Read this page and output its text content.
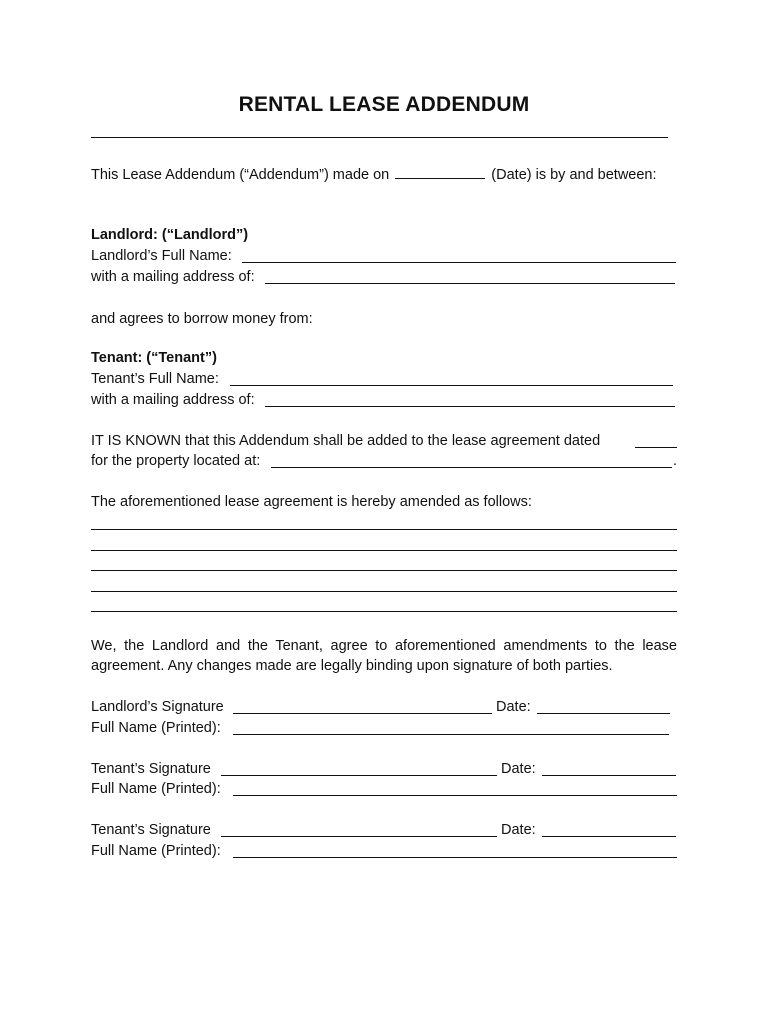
RENTAL LEASE ADDENDUM
This Lease Addendum (“Addendum”) made on	(Date) is by and between:
Landlord: (“Landlord”)
Landlord’s Full Name:
with a mailing address of:
and agrees to borrow money from:
Tenant: (“Tenant”)
Tenant’s Full Name:
with a mailing address of:
IT IS KNOWN that this Addendum shall be added to the lease agreement dated
for the property located at:	.
The aforementioned lease agreement is hereby amended as follows:
We, the Landlord and the Tenant, agree to aforementioned amendments to the lease agreement. Any changes made are legally binding upon signature of both parties.
Landlord’s Signature	Date:
Full Name (Printed):
Tenant’s Signature	Date:
Full Name (Printed):
Tenant’s Signature	Date:
Full Name (Printed):
